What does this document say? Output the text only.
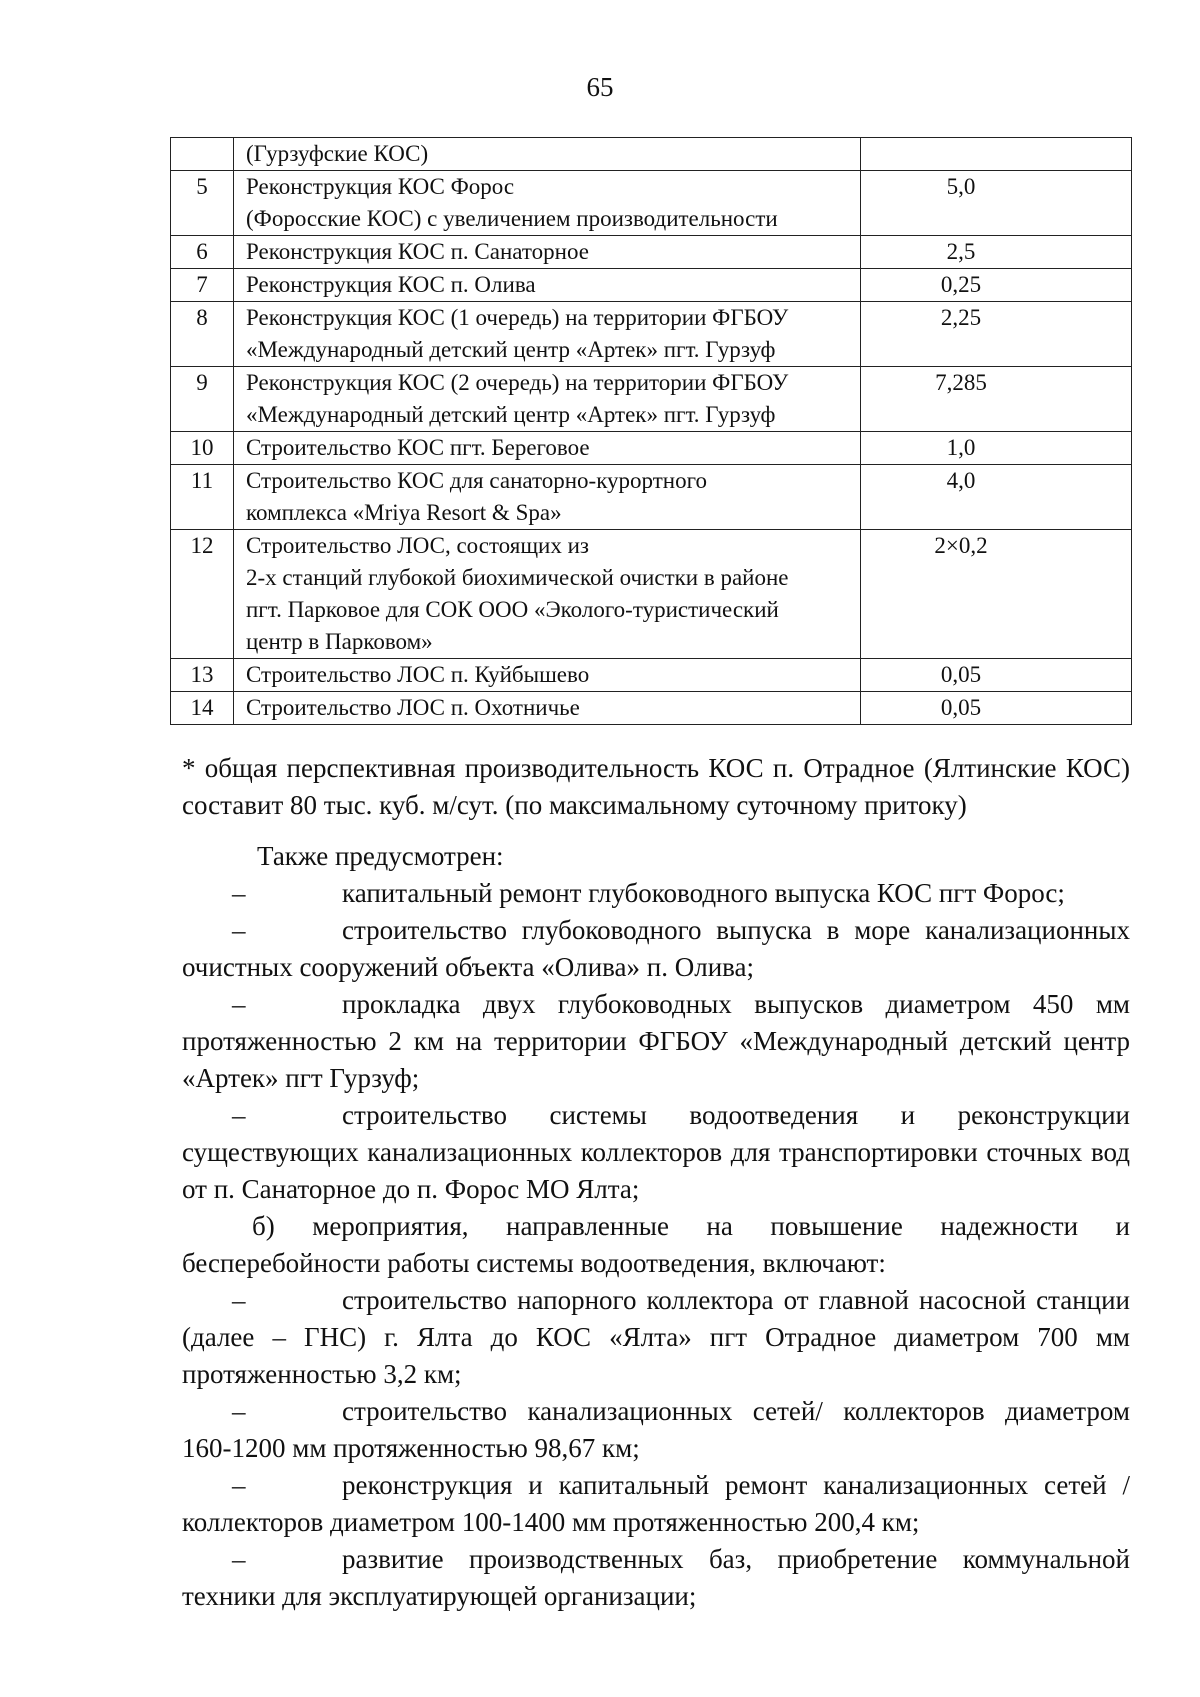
65

	(Гурзуфские КОС)	

5	Реконструкция КОС Форос
(Форосские КОС) с увеличением производительности	5,0
6	Реконструкция КОС п. Санаторное	2,5
7	Реконструкция КОС п. Олива	0,25
8	Реконструкция КОС (1 очередь) на территории ФГБОУ
«Международный детский центр «Артек» пгт. Гурзуф	2,25
9	Реконструкция КОС (2 очередь) на территории ФГБОУ
«Международный детский центр «Артек» пгт. Гурзуф	7,285
10	Строительство КОС пгт. Береговое	1,0
11	Строительство КОС для санаторно-курортного
комплекса «Mriya Resort & Spa»	4,0
12	Строительство ЛОС, состоящих из
2-х станций глубокой биохимической очистки в районе
пгт. Парковое для СОК ООО «Эколого-туристический
центр в Парковом»	2×0,2
13	Строительство ЛОС п. Куйбышево	0,05
14	Строительство ЛОС п. Охотничье	0,05
* общая перспективная производительность КОС п. Отрадное (Ялтинские КОС) составит 80 тыс. куб. м/сут. (по максимальному суточному притоку)

Также предусмотрен:

–	капитальный ремонт глубоководного выпуска КОС пгт Форос;

–	строительство глубоководного выпуска в море канализационных очистных сооружений объекта «Олива» п. Олива;

–	прокладка двух глубоководных выпусков диаметром 450 мм протяженностью 2 км на территории ФГБОУ «Международный детский центр «Артек» пгт Гурзуф;

–	строительство системы водоотведения и реконструкции существующих канализационных коллекторов для транспортировки сточных вод от п. Санаторное до п. Форос МО Ялта;

б) мероприятия, направленные на повышение надежности и бесперебойности работы системы водоотведения, включают:

–	строительство напорного коллектора от главной насосной станции (далее – ГНС) г. Ялта до КОС «Ялта» пгт Отрадное диаметром 700 мм протяженностью 3,2 км;

–	строительство канализационных сетей/ коллекторов диаметром 160-1200 мм протяженностью 98,67 км;

–	реконструкция и капитальный ремонт канализационных сетей / коллекторов диаметром 100-1400 мм протяженностью 200,4 км;

–	развитие производственных баз, приобретение коммунальной техники для эксплуатирующей организации;
